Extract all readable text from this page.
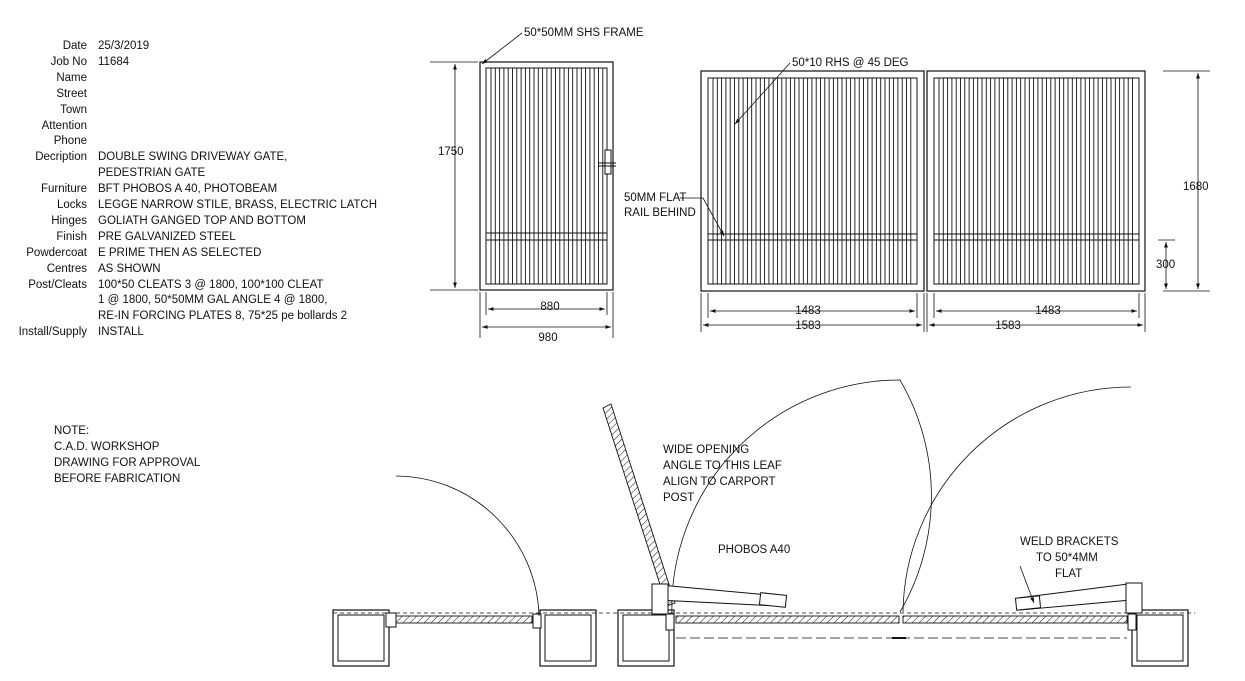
Date 25/3/2019
Job No 11684
Name
Street
Town
Attention
Phone
Decription DOUBLE SWING DRIVEWAY GATE,
PEDESTRIAN GATE
Furniture BFT PHOBOS A 40, PHOTOBEAM
Locks LEGGE NARROW STILE, BRASS, ELECTRIC LATCH
Hinges GOLIATH GANGED TOP AND BOTTOM
Finish PRE GALVANIZED STEEL
Powdercoat E PRIME THEN AS SELECTED
Centres AS SHOWN
Post/Cleats 100*50 CLEATS 3 @ 1800, 100*100 CLEAT
1 @ 1800, 50*50MM GAL ANGLE 4 @ 1800,
RE-IN FORCING PLATES 8, 75*25 pe bollards 2
Install/Supply INSTALL
NOTE:
C.A.D. WORKSHOP
DRAWING FOR APPROVAL
BEFORE FABRICATION
1750
880
980
50*50MM SHS FRAME
1680
300
1483
1583
1483
1583
50*10 RHS @ 45 DEG
50MM FLAT
RAIL BEHIND
WIDE OPENING
ANGLE TO THIS LEAF
ALIGN TO CARPORT
POST
PHOBOS A40
WELD BRACKETS
TO 50*4MM
FLAT
